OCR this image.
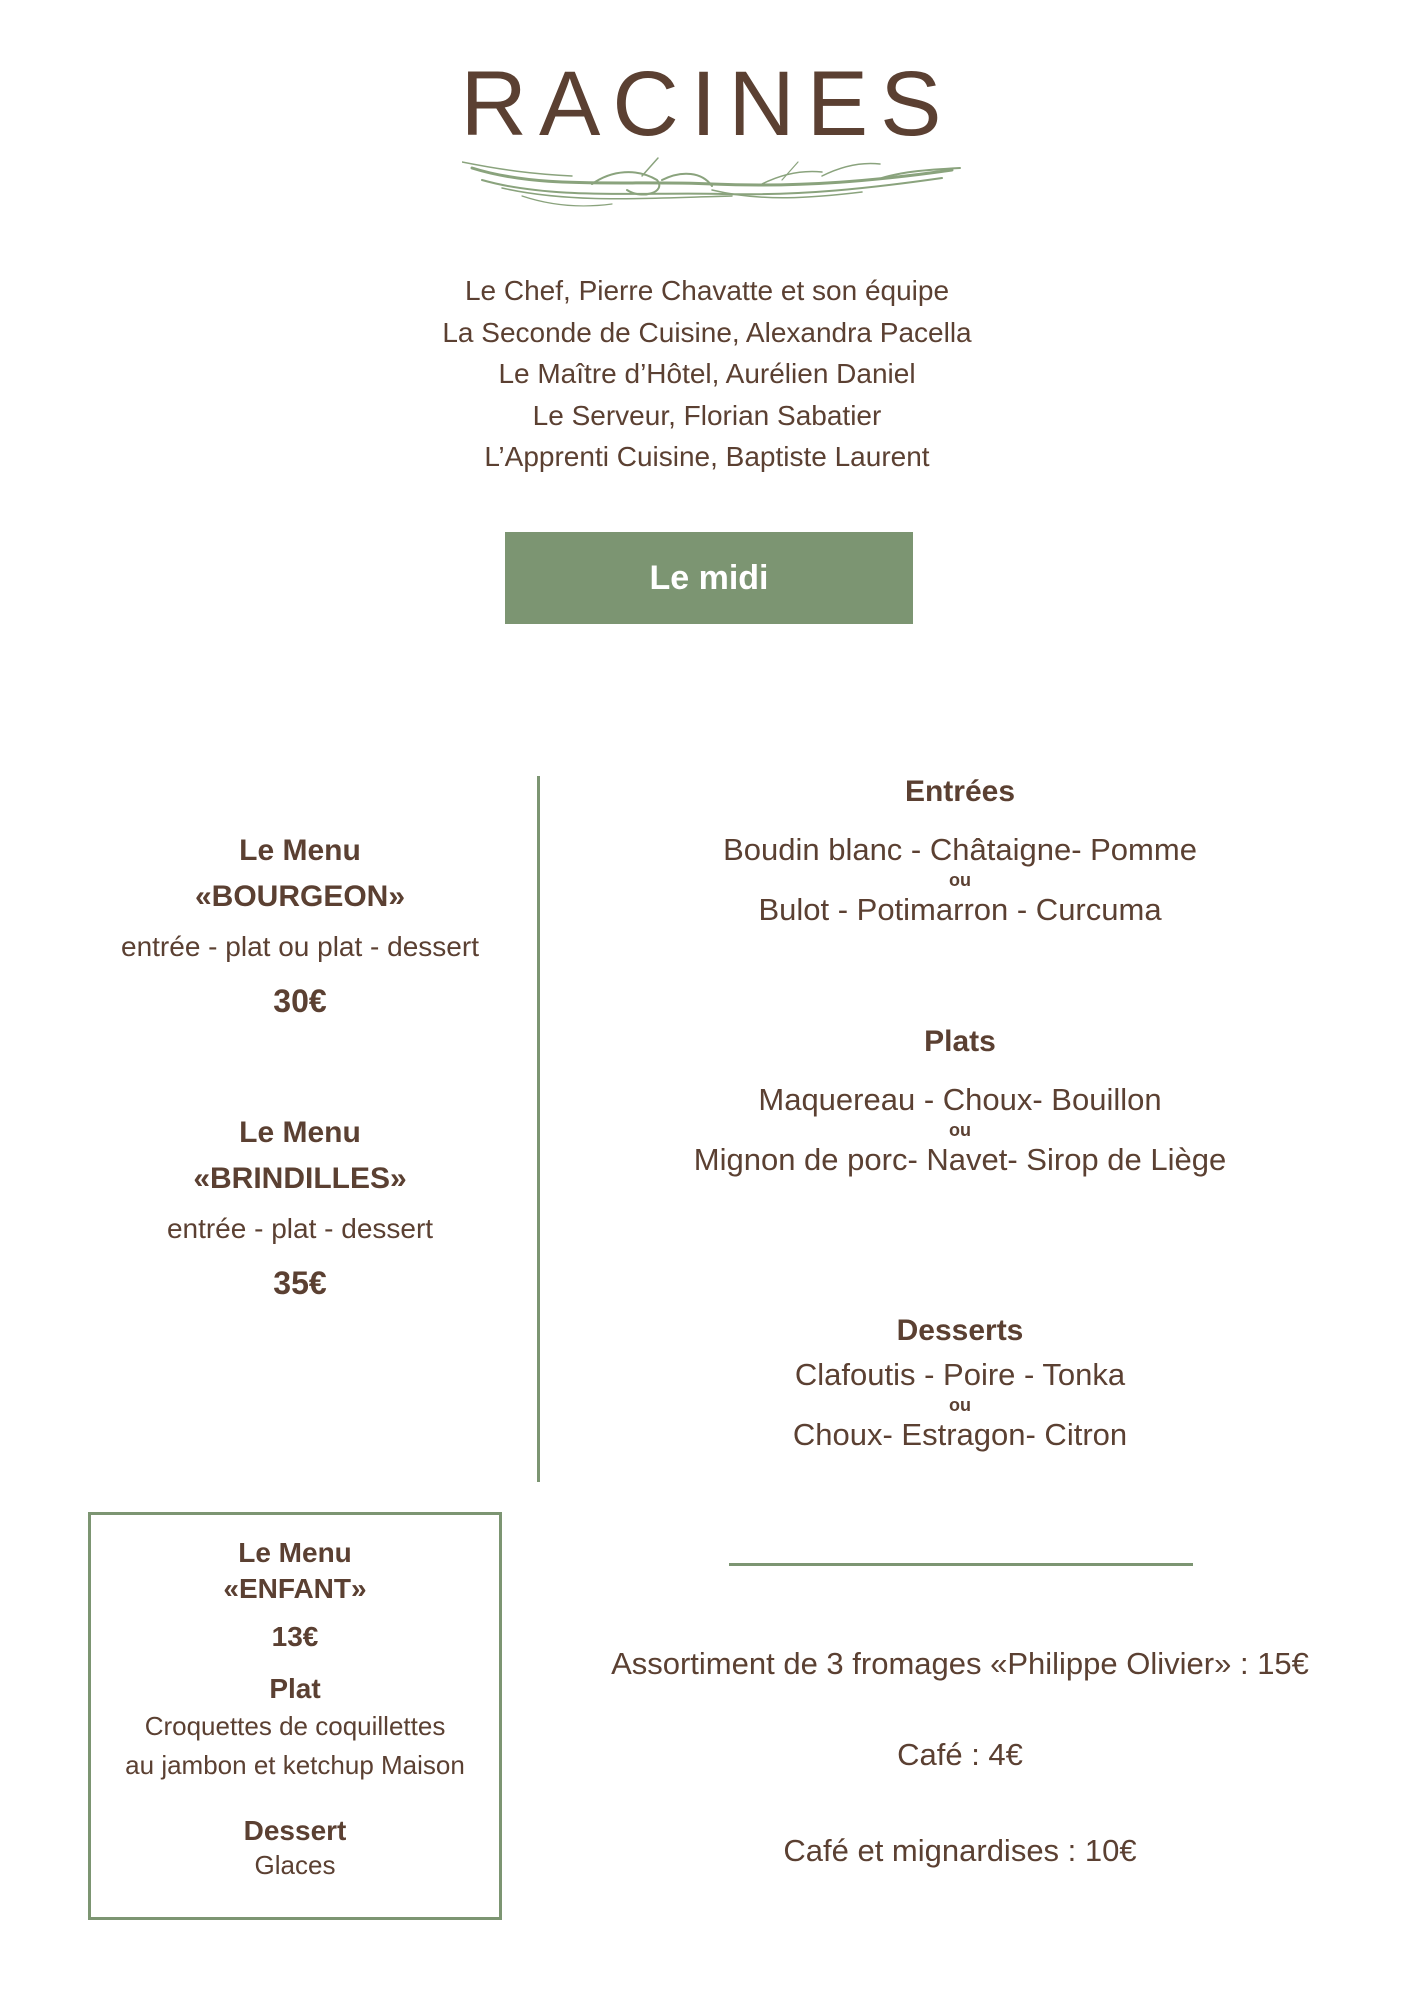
RACINES
Le Chef, Pierre Chavatte et son équipe
La Seconde de Cuisine, Alexandra Pacella
Le Maître d’Hôtel, Aurélien Daniel
Le Serveur, Florian Sabatier
L’Apprenti Cuisine, Baptiste Laurent
Le midi
Le Menu
«BOURGEON»
entrée - plat ou plat - dessert
30€
Le Menu
«BRINDILLES»
entrée - plat - dessert
35€
Entrées
Boudin blanc - Châtaigne- Pomme
ou
Bulot - Potimarron - Curcuma
Plats
Maquereau - Choux- Bouillon
ou
Mignon de porc- Navet- Sirop de Liège
Desserts
Clafoutis - Poire - Tonka
ou
Choux- Estragon- Citron
Le Menu
«ENFANT»
13€
Plat
Croquettes de coquillettes
au jambon et ketchup Maison
Dessert
Glaces
Assortiment de 3 fromages «Philippe Olivier» : 15€
Café : 4€
Café et mignardises : 10€
